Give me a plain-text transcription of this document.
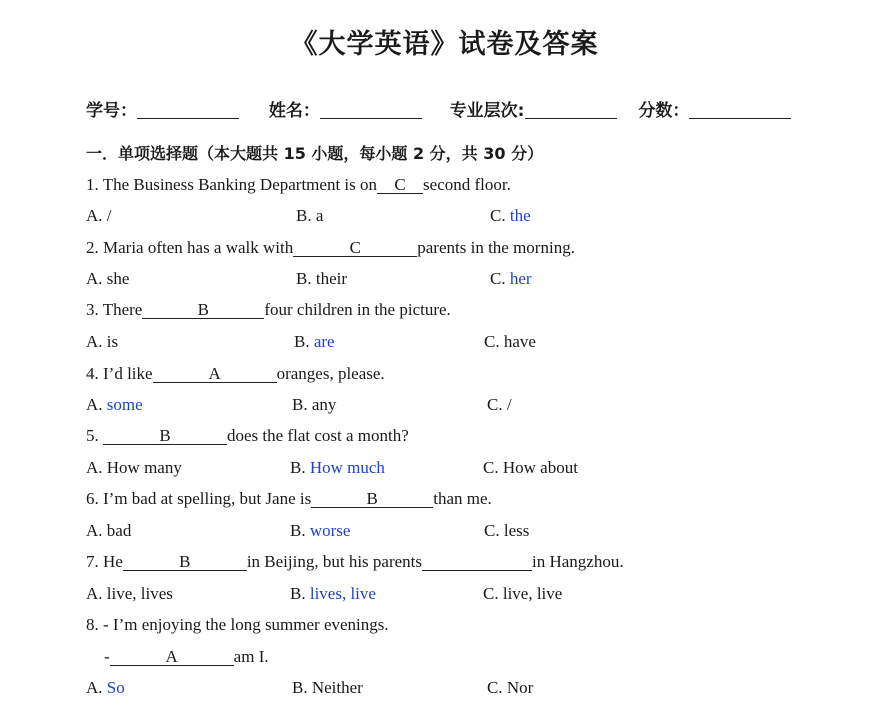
《大学英语》试卷及答案
学号：	姓名：	专业层次:	分数：
一．单项选择题（本大题共 15 小题，每小题 2 分，共 30 分）
1. The Business Banking Department is on C second floor.
A. /	B. a	C. the
2. Maria often has a walk with	C	parents in the morning.
A. she	B. their	C. her
3. There	B	four children in the picture.
A. is	B. are	C. have
4. I’d like	A	oranges, please.
A. some	B. any	C. /
5.	B	does the flat cost a month?
A. How many	B. How much	C. How about
6. I’m bad at spelling, but Jane is	B	than me.
A. bad	B. worse	C. less
7. He	B	in Beijing, but his parents	in Hangzhou.
A. live, lives	B. lives, live	C. live, live
8. - I’m enjoying the long summer evenings.
-	A	am I.
A. So	B. Neither	C. Nor
